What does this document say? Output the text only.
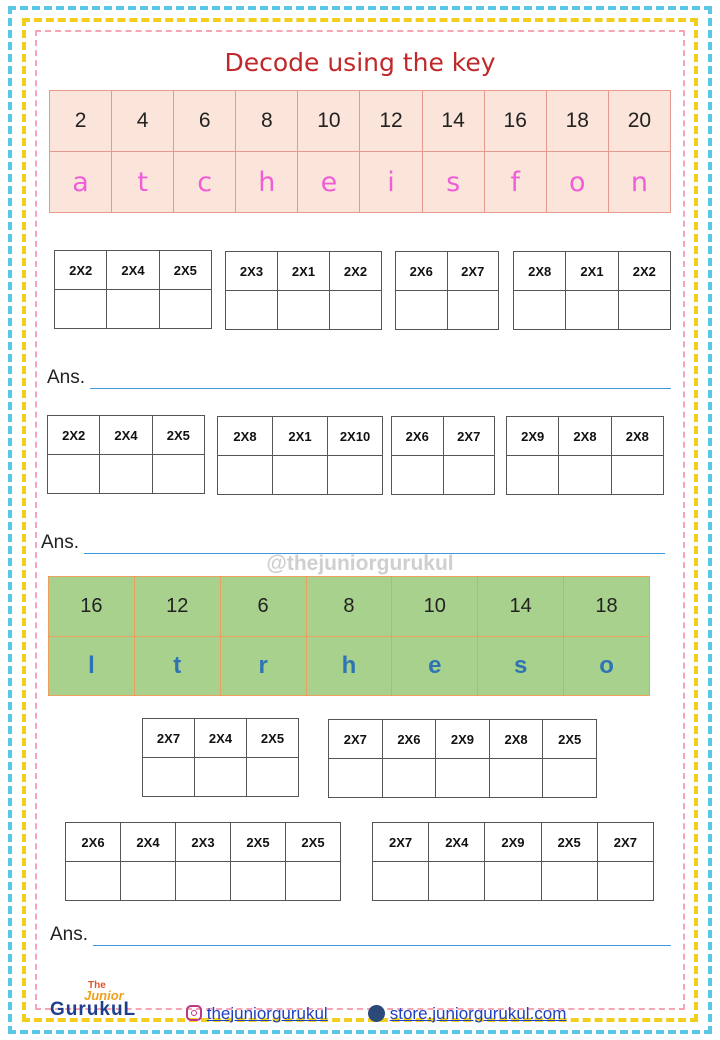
Decode using the key
2	4	6	8	10	12	14	16	18	20
a	t	c	h	e	i	s	f	o	n
2X2	2X4	2X5
			2X3	2X1	2X2
			2X6	2X7
		2X8	2X1	2X2

Ans.
2X2	2X4	2X5
			2X8	2X1	2X10
			2X6	2X7
		2X9	2X8	2X8

Ans.
@thejuniorgurukul
16	12	6	8	10	14	18
l	t	r	h	e	s	o
2X7	2X4	2X5
			2X7	2X6	2X9	2X8	2X5

2X6	2X4	2X3	2X5	2X5
					2X7	2X4	2X9	2X5	2X7

Ans.
The
Junior
GurukuL	thejuniorgurukul	store.juniorgurukul.com
